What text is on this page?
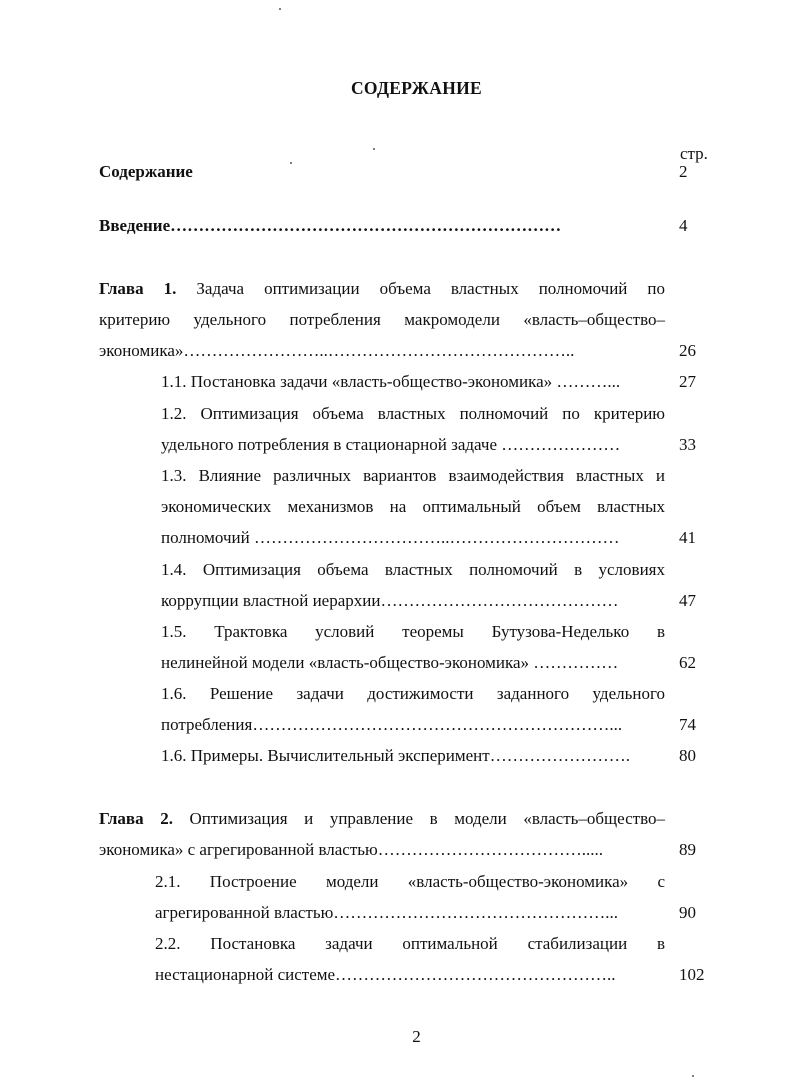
СОДЕРЖАНИЕ
стр.
Содержание	2
Введение……………………………………………………………	4
Глава 1. Задача оптимизации объема властных полномочий по
критерию удельного потребления макромодели «власть–общество–
экономика»……………………..……………………………………..	26
1.1. Постановка задачи «власть-общество-экономика» ………...	27
1.2. Оптимизация объема властных полномочий по критерию
удельного потребления в стационарной задаче …………………	33
1.3. Влияние различных вариантов взаимодействия властных и
экономических механизмов на оптимальный объем властных
полномочий ……………………………..…………………………	41
1.4. Оптимизация объема властных полномочий в условиях
коррупции властной иерархии……………………………………	47
1.5. Трактовка условий теоремы Бутузова-Неделько в
нелинейной модели «власть-общество-экономика» ……………	62
1.6. Решение задачи достижимости заданного удельного
потребления………………………………………………………...	74
1.6. Примеры. Вычислительный эксперимент…………………….	80
Глава 2. Оптимизация и управление в модели «власть–общество–
экономика» с агрегированной властью……………………………….....	89
2.1. Построение модели «власть-общество-экономика» с
агрегированной властью…………………………………………...	90
2.2. Постановка задачи оптимальной стабилизации в
нестационарной системе…………………………………………..	102
2
